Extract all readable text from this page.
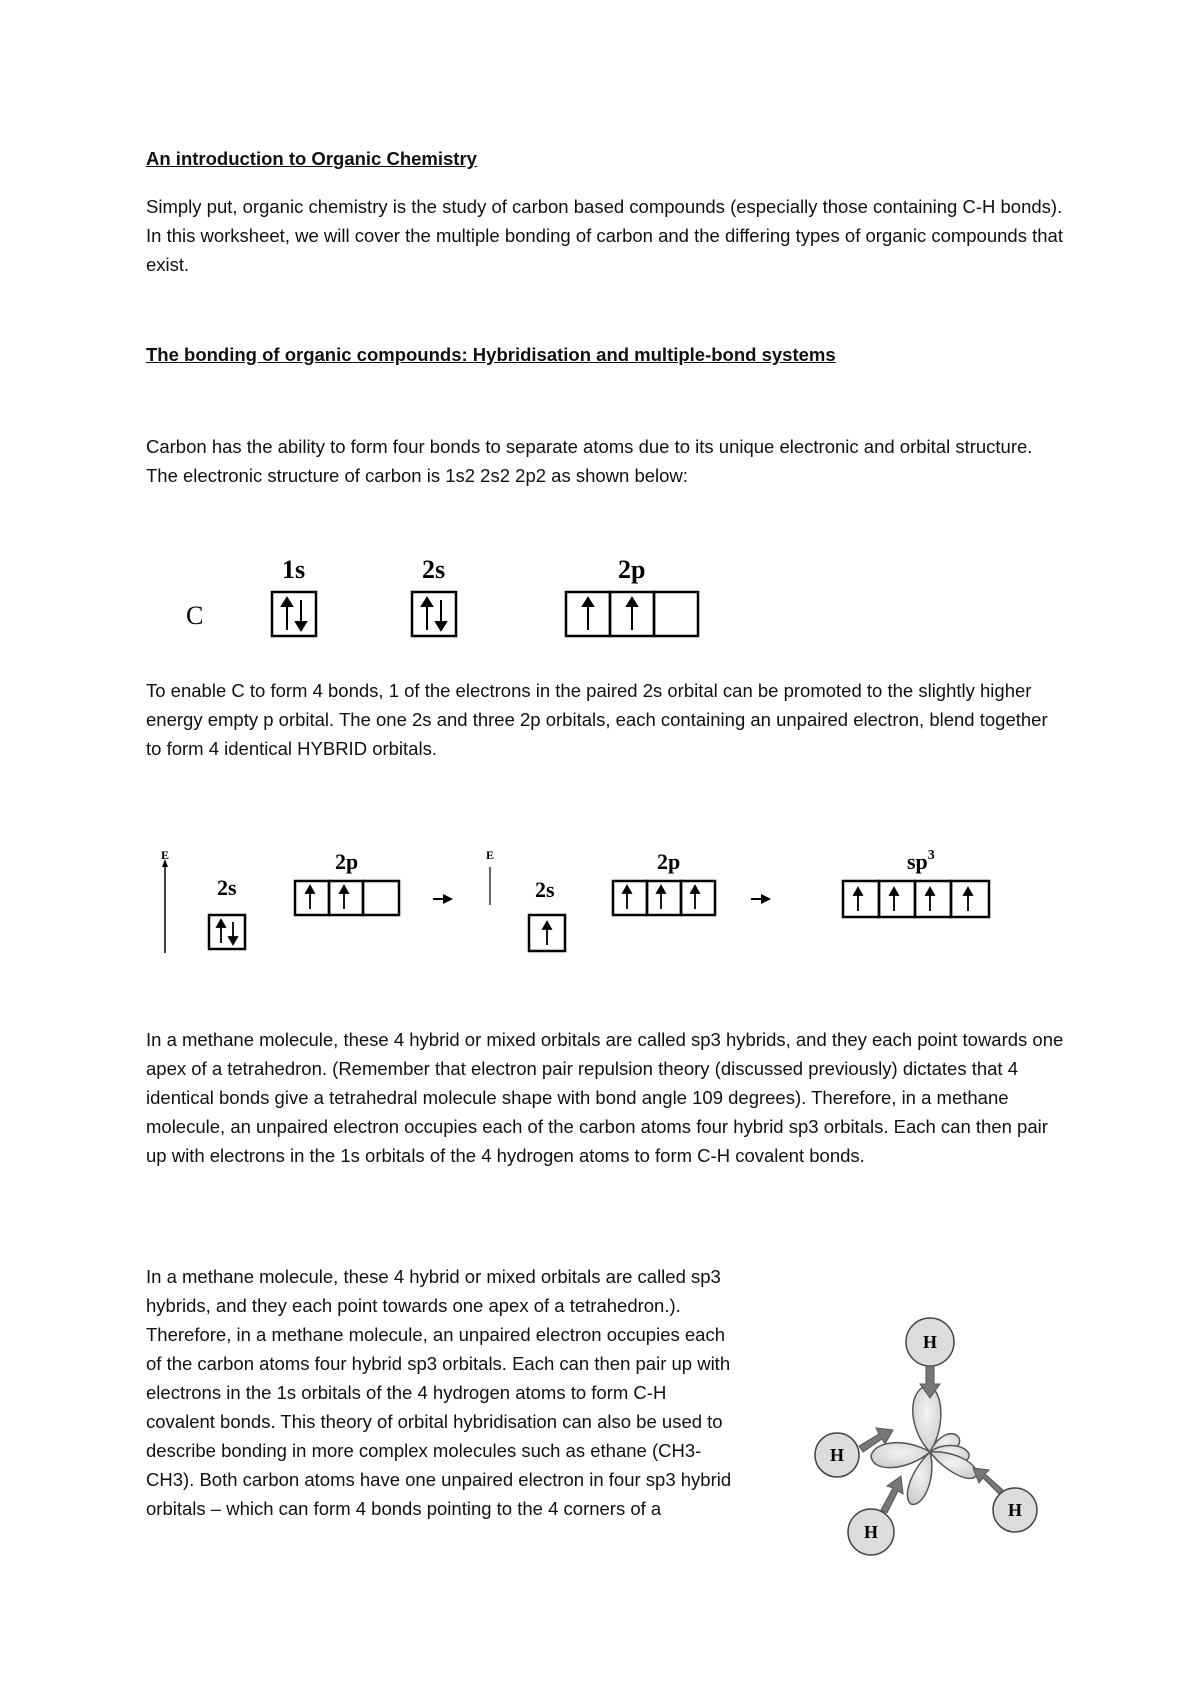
An introduction to Organic Chemistry

Simply put, organic chemistry is the study of carbon based compounds (especially those containing C-H bonds). In this worksheet, we will cover the multiple bonding of carbon and the differing types of organic compounds that exist.

The bonding of organic compounds: Hybridisation and multiple-bond systems

Carbon has the ability to form four bonds to separate atoms due to its unique electronic and orbital structure. The electronic structure of carbon is 1s2 2s2 2p2 as shown below:

C
1s	2s	2p

To enable C to form 4 bonds, 1 of the electrons in the paired 2s orbital can be promoted to the slightly higher energy empty p orbital. The one 2s and three 2p orbitals, each containing an unpaired electron, blend together to form 4 identical HYBRID orbitals.

E
2s
2p	E
2s
2p	$sp^3$

In a methane molecule, these 4 hybrid or mixed orbitals are called sp3 hybrids, and they each point towards one apex of a tetrahedron. (Remember that electron pair repulsion theory (discussed previously) dictates that 4 identical bonds give a tetrahedral molecule shape with bond angle 109 degrees). Therefore, in a methane molecule, an unpaired electron occupies each of the carbon atoms four hybrid sp3 orbitals. Each can then pair up with electrons in the 1s orbitals of the 4 hydrogen atoms to form C-H covalent bonds.

In a methane molecule, these 4 hybrid or mixed orbitals are called sp3 hybrids, and they each point towards one apex of a tetrahedron.). Therefore, in a methane molecule, an unpaired electron occupies each of the carbon atoms four hybrid sp3 orbitals. Each can then pair up with electrons in the 1s orbitals of the 4 hydrogen atoms to form C-H covalent bonds. This theory of orbital hybridisation can also be used to describe bonding in more complex molecules such as ethane (CH3-CH3). Both carbon atoms have one unpaired electron in four sp3 hybrid orbitals – which can form 4 bonds pointing to the 4 corners of a

H
H
H
H
